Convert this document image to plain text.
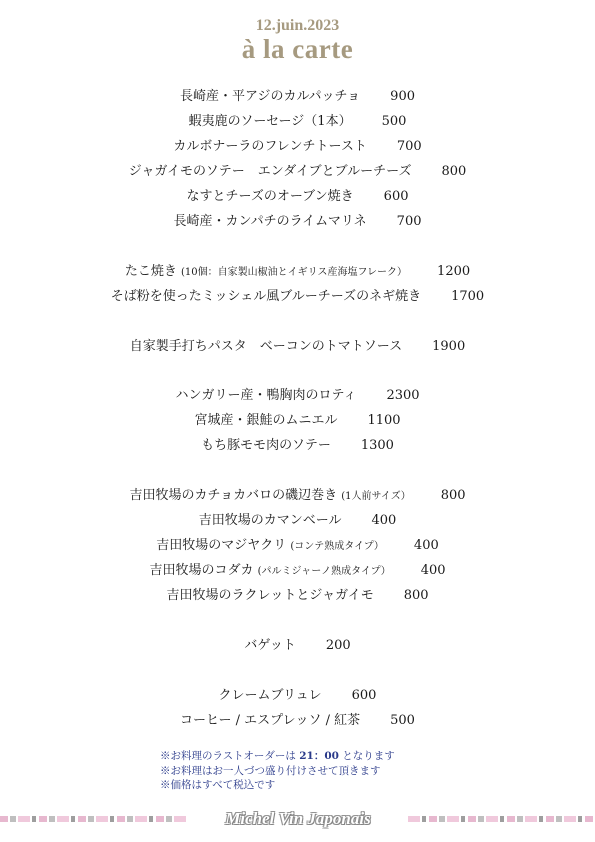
12.juin.2023
à la carte
長崎産・平アジのカルパッチョ 900
蝦夷鹿のソーセージ（1本） 500
カルボナーラのフレンチトースト 700
ジャガイモのソテー　エンダイブとブルーチーズ 800
なすとチーズのオーブン焼き 600
長崎産・カンパチのライムマリネ 700
たこ焼き (10個：自家製山椒油とイギリス産海塩フレーク） 1200
そば粉を使ったミッシェル風ブルーチーズのネギ焼き 1700
自家製手打ちパスタ　ベーコンのトマトソース 1900
ハンガリー産・鴨胸肉のロティ 2300
宮城産・銀鮭のムニエル 1100
もち豚モモ肉のソテー 1300
吉田牧場のカチョカバロの磯辺巻き (1人前サイズ） 800
吉田牧場のカマンベール 400
吉田牧場のマジヤクリ (コンテ熟成タイプ） 400
吉田牧場のコダカ (パルミジャーノ熟成タイプ） 400
吉田牧場のラクレットとジャガイモ 800
バゲット 200
クレームブリュレ 600
コーヒー / エスプレッソ / 紅茶 500
※お料理のラストオーダーは 21：00 となります
※お料理はお一人づつ盛り付けさせて頂きます
※価格はすべて税込です
Michel Vin Japonais
